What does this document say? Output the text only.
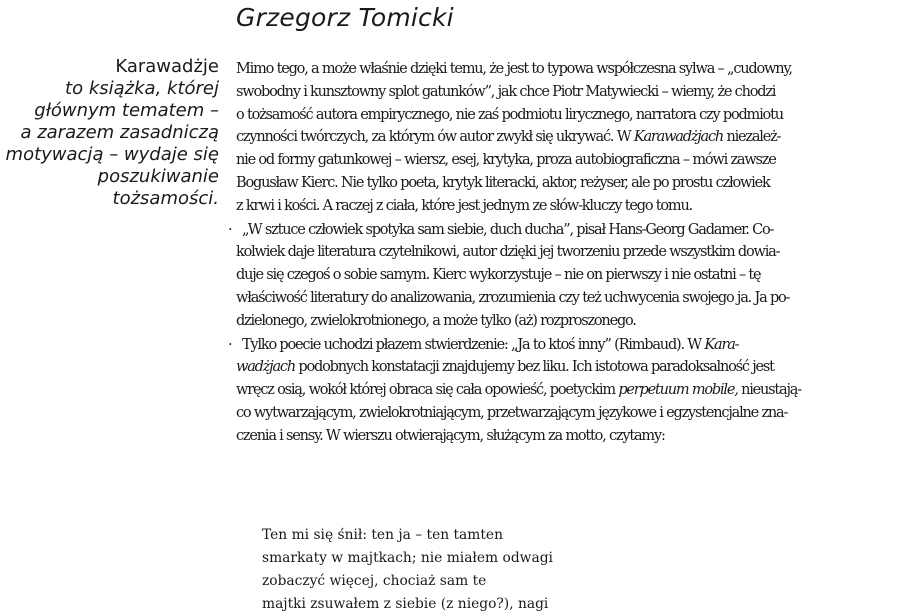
Grzegorz Tomicki
Karawadżje
to książka, której
głównym tematem –
a zarazem zasadniczą
motywacją – wydaje się
poszukiwanie
tożsamości.
Mimo tego, a może właśnie dzięki temu, że jest to typowa współczesna sylwa – „cudowny,
swobodny i kunsztowny splot gatunków”, jak chce Piotr Matywiecki – wiemy, że chodzi
o tożsamość autora empirycznego, nie zaś podmiotu lirycznego, narratora czy podmiotu
czynności twórczych, za którym ów autor zwykł się ukrywać. W Karawadżjach niezależ-
nie od formy gatunkowej – wiersz, esej, krytyka, proza autobiograficzna – mówi zawsze
Bogusław Kierc. Nie tylko poeta, krytyk literacki, aktor, reżyser, ale po prostu człowiek
z krwi i kości. A raczej z ciała, które jest jednym ze słów-kluczy tego tomu.
· „W sztuce człowiek spotyka sam siebie, duch ducha”, pisał Hans-Georg Gadamer. Co-
kolwiek daje literatura czytelnikowi, autor dzięki jej tworzeniu przede wszystkim dowia-
duje się czegoś o sobie samym. Kierc wykorzystuje – nie on pierwszy i nie ostatni – tę
właściwość literatury do analizowania, zrozumienia czy też uchwycenia swojego ja. Ja po-
dzielonego, zwielokrotnionego, a może tylko (aż) rozproszonego.
· Tylko poecie uchodzi płazem stwierdzenie: „Ja to ktoś inny” (Rimbaud). W Kara-
wadżjach podobnych konstatacji znajdujemy bez liku. Ich istotowa paradoksalność jest
wręcz osią, wokół której obraca się cała opowieść, poetyckim perpetuum mobile, nieustają-
co wytwarzającym, zwielokrotniającym, przetwarzającym językowe i egzystencjalne zna-
czenia i sensy. W wierszu otwierającym, służącym za motto, czytamy:
Ten mi się śnił: ten ja – ten tamten
smarkaty w majtkach; nie miałem odwagi
zobaczyć więcej, chociaż sam te
majtki zsuwałem z siebie (z niego?), nagi
